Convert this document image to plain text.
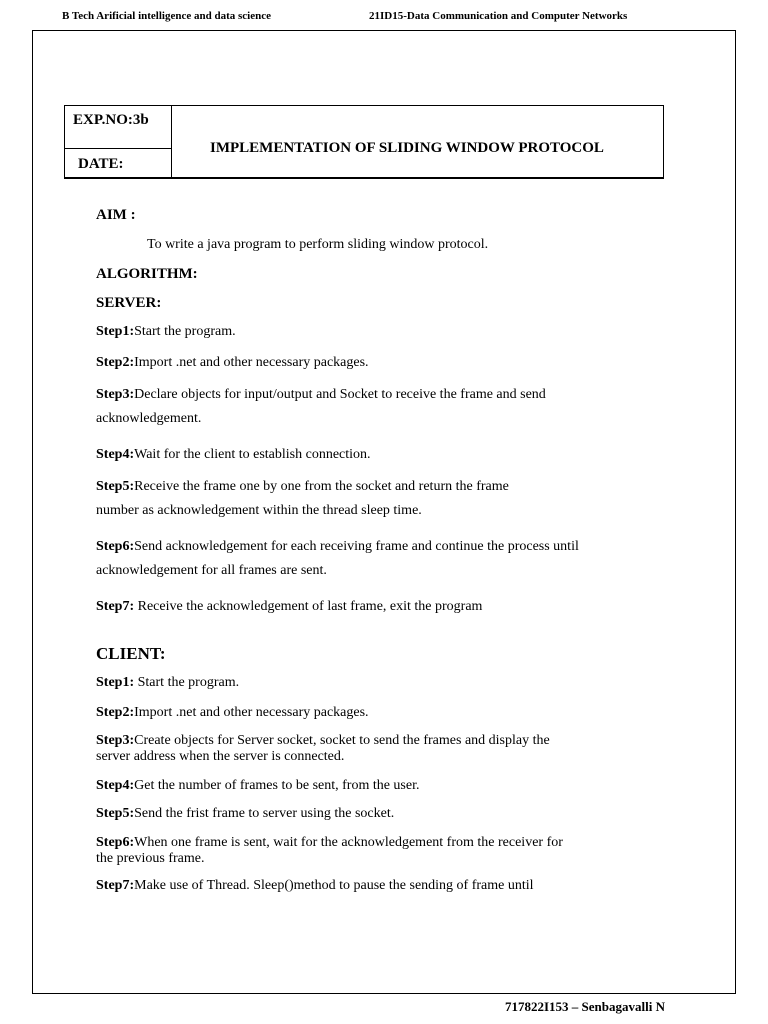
B Tech Arificial intelligence and data science	21ID15-Data Communication and Computer Networks
EXP.NO:3b
DATE:
IMPLEMENTATION OF SLIDING WINDOW PROTOCOL
AIM :
To write a java program to perform sliding window protocol.
ALGORITHM:
SERVER:
Step1:Start the program.
Step2:Import .net and other necessary packages.
Step3:Declare objects for input/output and Socket to receive the frame and send
acknowledgement.
Step4:Wait for the client to establish connection.
Step5:Receive the frame one by one from the socket and return the frame
number as acknowledgement within the thread sleep time.
Step6:Send acknowledgement for each receiving frame and continue the process until
acknowledgement for all frames are sent.
Step7: Receive the acknowledgement of last frame, exit the program
CLIENT:
Step1: Start the program.
Step2:Import .net and other necessary packages.
Step3:Create objects for Server socket, socket to send the frames and display the
server address when the server is connected.
Step4:Get the number of frames to be sent, from the user.
Step5:Send the frist frame to server using the socket.
Step6:When one frame is sent, wait for the acknowledgement from the receiver for
the previous frame.
Step7:Make use of Thread. Sleep()method to pause the sending of frame until
717822I153 – Senbagavalli N
